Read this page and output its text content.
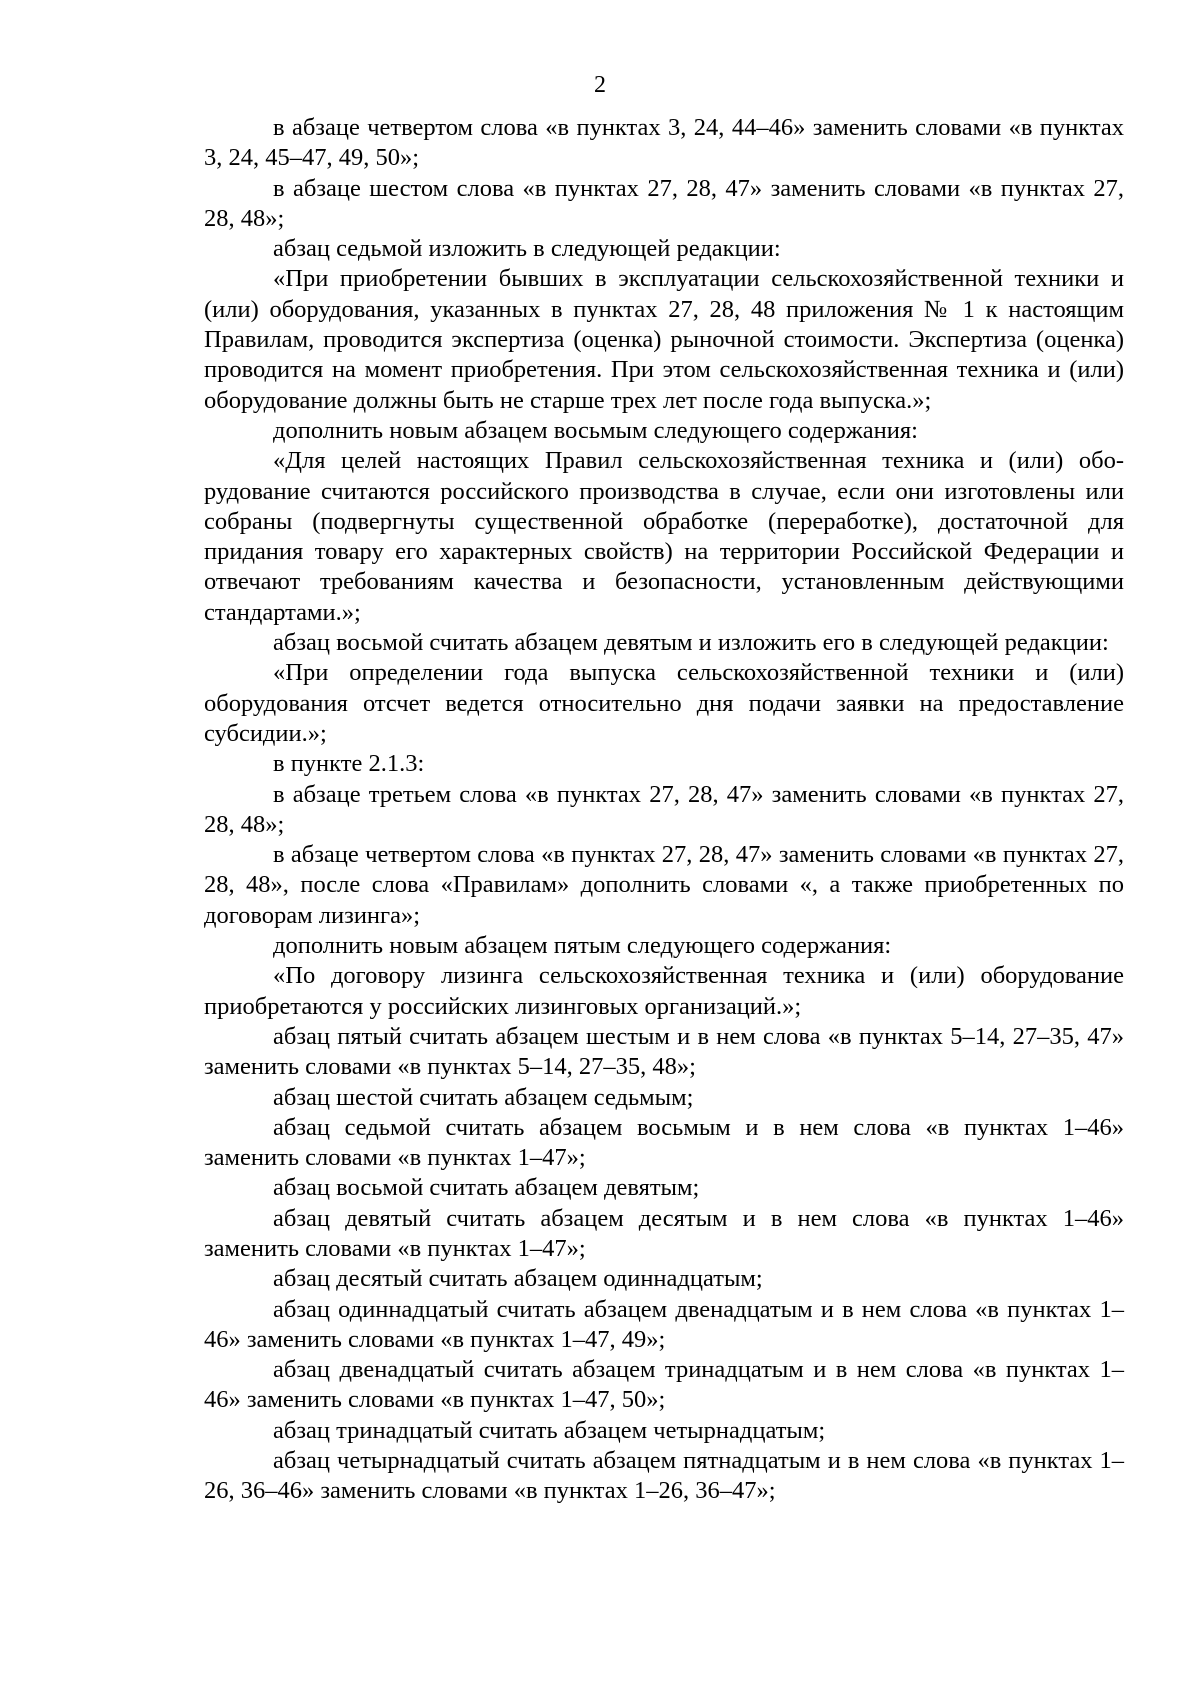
2

в абзаце четвертом слова «в пунктах 3, 24, 44–46» заменить словами «в пунктах 3, 24, 45–47, 49, 50»;

в абзаце шестом слова «в пунктах 27, 28, 47» заменить словами «в пунктах 27, 28, 48»;

абзац седьмой изложить в следующей редакции:

«При приобретении бывших в эксплуатации сельскохозяйственной техники и (или) оборудования, указанных в пунктах 27, 28, 48 приложения № 1 к настоящим Правилам, проводится экспертиза (оценка) рыночной стоимости. Экспертиза (оценка) проводится на момент приобретения. При этом сельскохозяйственная техника и (или) оборудование должны быть не старше трех лет после года выпуска.»;

дополнить новым абзацем восьмым следующего содержания:

«Для целей настоящих Правил сельскохозяйственная техника и (или) оборудование считаются российского производства в случае, если они изготовлены или собраны (подвергнуты существенной обработке (переработке), достаточной для придания товару его характерных свойств) на территории Российской Федерации и отвечают требованиям качества и безопасности, установленным действующими стандартами.»;

абзац восьмой считать абзацем девятым и изложить его в следующей редакции:

«При определении года выпуска сельскохозяйственной техники и (или) оборудования отсчет ведется относительно дня подачи заявки на предоставление субсидии.»;

в пункте 2.1.3:

в абзаце третьем слова «в пунктах 27, 28, 47» заменить словами «в пунктах 27, 28, 48»;

в абзаце четвертом слова «в пунктах 27, 28, 47» заменить словами «в пунктах 27, 28, 48», после слова «Правилам» дополнить словами «, а также приобретенных по договорам лизинга»;

дополнить новым абзацем пятым следующего содержания:

«По договору лизинга сельскохозяйственная техника и (или) оборудование приобретаются у российских лизинговых организаций.»;

абзац пятый считать абзацем шестым и в нем слова «в пунктах 5–14, 27–35, 47» заменить словами «в пунктах 5–14, 27–35, 48»;

абзац шестой считать абзацем седьмым;

абзац седьмой считать абзацем восьмым и в нем слова «в пунктах 1–46» заменить словами «в пунктах 1–47»;

абзац восьмой считать абзацем девятым;

абзац девятый считать абзацем десятым и в нем слова «в пунктах 1–46» заменить словами «в пунктах 1–47»;

абзац десятый считать абзацем одиннадцатым;

абзац одиннадцатый считать абзацем двенадцатым и в нем слова «в пунктах 1–46» заменить словами «в пунктах 1–47, 49»;

абзац двенадцатый считать абзацем тринадцатым и в нем слова «в пунктах 1–46» заменить словами «в пунктах 1–47, 50»;

абзац тринадцатый считать абзацем четырнадцатым;

абзац четырнадцатый считать абзацем пятнадцатым и в нем слова «в пунктах 1–26, 36–46» заменить словами «в пунктах 1–26, 36–47»;
